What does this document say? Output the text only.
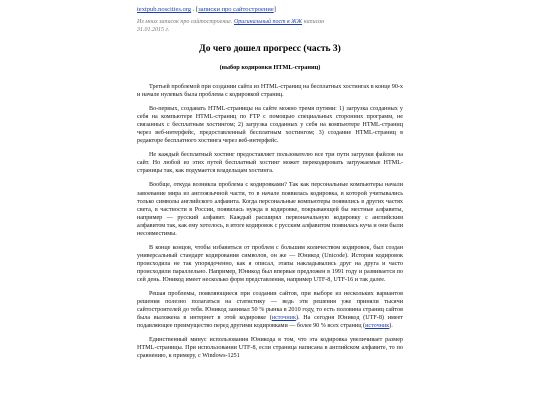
textpub.noscities.org . [записки про сайтостроение]
Из моих записок про сайтостроение. Оригинальный пост в ЖЖ написан
31.01.2015 г.
До чего дошел прогресс (часть 3)
(выбор кодировки HTML-страниц)

Третьей проблемой при создании сайта из HTML-страниц на бесплатных хостингах в конце 90-х и начале нулевых была проблема с кодировкой страниц.

Во-первых, создавать HTML-страницы на сайте можно тремя путями: 1) загрузка созданных у себя на компьютере HTML-страниц по FTP с помощью специальных сторонних программ, не связанных с бесплатным хостингом; 2) загрузка созданных у себя на компьютере HTML-страниц через веб-интерфейс, предоставленный бесплатным хостингом; 3) создание HTML-страниц в редакторе бесплатного хостинга через веб-интерфейс.

Не каждый бесплатный хостинг предоставляет пользователю все три пути загрузки файлов на сайт. Но любой из этих путей бесплатный хостинг может перекодировать загружаемые HTML-страницы так, как подумается владельцам хостинга.

Вообще, откуда возникла проблема с кодировками? Так как персональные компьютеры начали завоевание мира из англоязычной части, то в начале появилась кодировка, в которой учитывались только символы английского алфавита. Когда персональные компьютеры появились в других частях света, в частности в России, появилась нужда в кодировке, покрывающей бы местные алфавиты, например — русский алфавит. Каждый расширял первоначальную кодировку с английским алфавитом так, как ему хотелось, в итоге кодировок с русским алфавитом появилась куча и они были несовместимы.

В конце концов, чтобы избавиться от проблем с большим количеством кодировок, был создан универсальный стандарт кодирования символов, он же — Юникод (Unicode). История кодировок происходила не так упорядоченно, как я описал, этапы накладывались друг на друга и часто происходили параллельно. Например, Юникод был впервые предложен в 1991 году и развивается по сей день. Юникод имеет несколько форм представления, например UTF-8, UTF-16 и так далее.

Решая проблемы, появляющиеся при создании сайтов, при выборе из нескольких вариантов решения полезно полагаться на статистику — ведь эти решения уже приняли тысячи сайтостроителей до тебя. Юникод занимал 50 % рынка в 2010 году, то есть половина страниц сайтов была выложена в интернет в этой кодировке (источник). На сегодня Юникод (UTF-8) имеет подавляющее преимущество перед другими кодировками — более 90 % всех страниц (источник).

Единственный минус использования Юникода в том, что эта кодировка увеличивает размер HTML-страницы. При использовании UTF-8, если страница написана в английском алфавите, то по сравнению, к примеру, с Windows-1251
